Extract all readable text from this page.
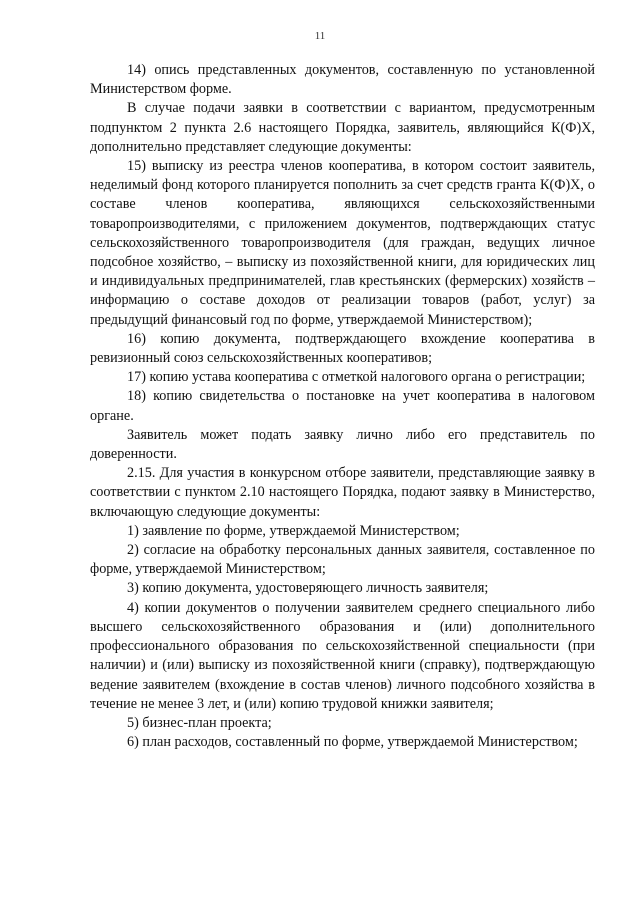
11

14) опись представленных документов, составленную по установленной Министерством форме.

В случае подачи заявки в соответствии с вариантом, предусмотренным подпунктом 2 пункта 2.6 настоящего Порядка, заявитель, являющийся К(Ф)Х, дополнительно представляет следующие документы:

15) выписку из реестра членов кооператива, в котором состоит заявитель, неделимый фонд которого планируется пополнить за счет средств гранта К(Ф)Х, о составе членов кооператива, являющихся сельскохозяйственными товаропроизводителями, с приложением документов, подтверждающих статус сельскохозяйственного товаропроизводителя (для граждан, ведущих личное подсобное хозяйство, – выписку из похозяйственной книги, для юридических лиц и индивидуальных предпринимателей, глав крестьянских (фермерских) хозяйств – информацию о составе доходов от реализации товаров (работ, услуг) за предыдущий финансовый год по форме, утверждаемой Министерством);

16) копию документа, подтверждающего вхождение кооператива в ревизионный союз сельскохозяйственных кооперативов;

17) копию устава кооператива с отметкой налогового органа о регистрации;

18) копию свидетельства о постановке на учет кооператива в налоговом органе.

Заявитель может подать заявку лично либо его представитель по доверенности.

2.15. Для участия в конкурсном отборе заявители, представляющие заявку в соответствии с пунктом 2.10 настоящего Порядка, подают заявку в Министерство, включающую следующие документы:

1) заявление по форме, утверждаемой Министерством;

2) согласие на обработку персональных данных заявителя, составленное по форме, утверждаемой Министерством;

3) копию документа, удостоверяющего личность заявителя;

4) копии документов о получении заявителем среднего специального либо высшего сельскохозяйственного образования и (или) дополнительного профессионального образования по сельскохозяйственной специальности (при наличии) и (или) выписку из похозяйственной книги (справку), подтверждающую ведение заявителем (вхождение в состав членов) личного подсобного хозяйства в течение не менее 3 лет, и (или) копию трудовой книжки заявителя;

5) бизнес-план проекта;

6) план расходов, составленный по форме, утверждаемой Министерством;
